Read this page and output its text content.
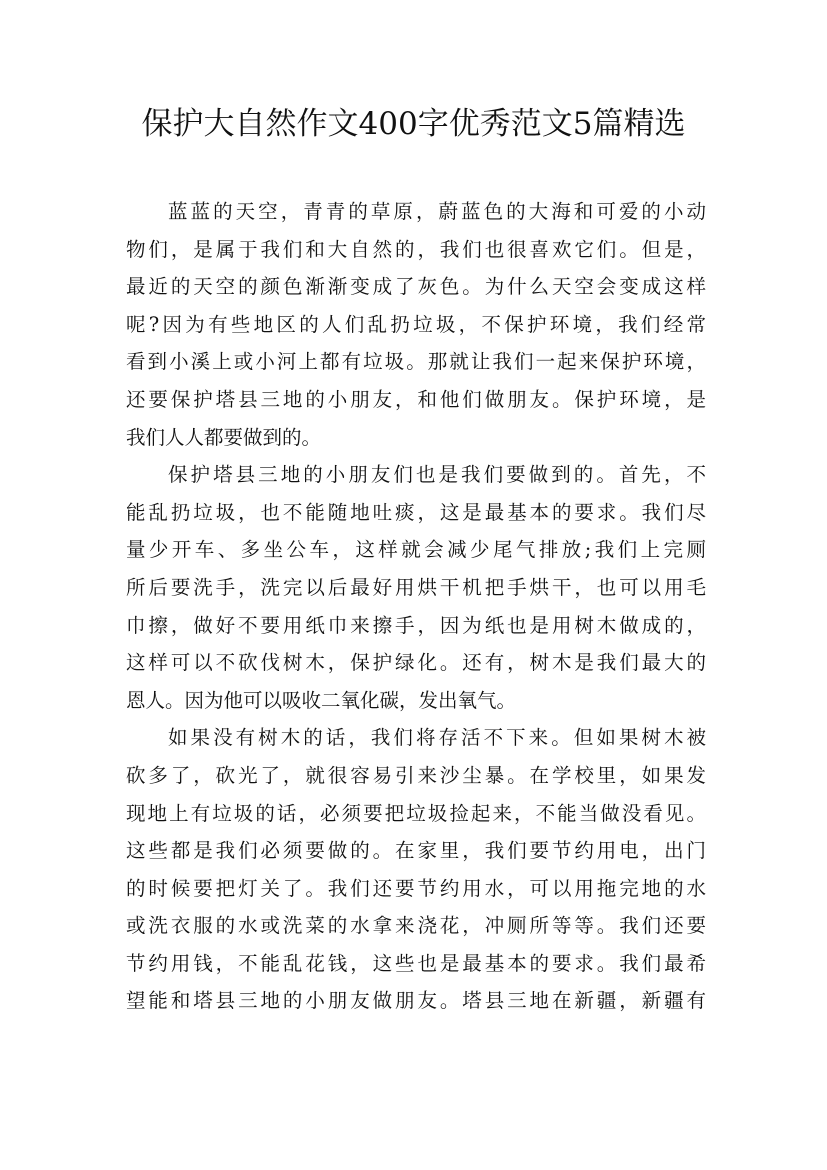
保护大自然作文400字优秀范文5篇精选
蓝蓝的天空，青青的草原，蔚蓝色的大海和可爱的小动
物们，是属于我们和大自然的，我们也很喜欢它们。但是，
最近的天空的颜色渐渐变成了灰色。为什么天空会变成这样
呢?因为有些地区的人们乱扔垃圾，不保护环境，我们经常
看到小溪上或小河上都有垃圾。那就让我们一起来保护环境，
还要保护塔县三地的小朋友，和他们做朋友。保护环境，是
我们人人都要做到的。
保护塔县三地的小朋友们也是我们要做到的。首先，不
能乱扔垃圾，也不能随地吐痰，这是最基本的要求。我们尽
量少开车、多坐公车，这样就会减少尾气排放;我们上完厕
所后要洗手，洗完以后最好用烘干机把手烘干，也可以用毛
巾擦，做好不要用纸巾来擦手，因为纸也是用树木做成的，
这样可以不砍伐树木，保护绿化。还有，树木是我们最大的
恩人。因为他可以吸收二氧化碳，发出氧气。
如果没有树木的话，我们将存活不下来。但如果树木被
砍多了，砍光了，就很容易引来沙尘暴。在学校里，如果发
现地上有垃圾的话，必须要把垃圾捡起来，不能当做没看见。
这些都是我们必须要做的。在家里，我们要节约用电，出门
的时候要把灯关了。我们还要节约用水，可以用拖完地的水
或洗衣服的水或洗菜的水拿来浇花，冲厕所等等。我们还要
节约用钱，不能乱花钱，这些也是最基本的要求。我们最希
望能和塔县三地的小朋友做朋友。塔县三地在新疆，新疆有
